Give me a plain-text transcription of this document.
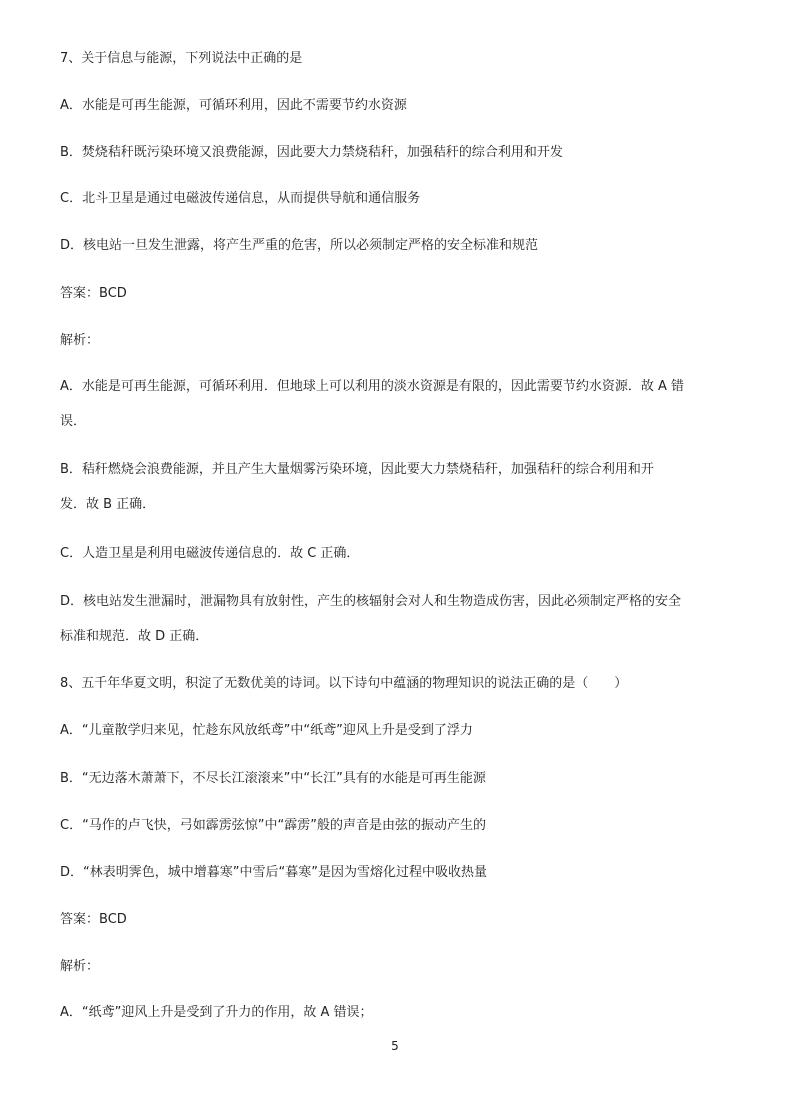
7、关于信息与能源，下列说法中正确的是
A．水能是可再生能源，可循环利用，因此不需要节约水资源
B．焚烧秸秆既污染环境又浪费能源，因此要大力禁烧秸秆，加强秸秆的综合利用和开发
C．北斗卫星是通过电磁波传递信息，从而提供导航和通信服务
D．核电站一旦发生泄露，将产生严重的危害，所以必须制定严格的安全标准和规范
答案：BCD
解析：
A．水能是可再生能源，可循环利用．但地球上可以利用的淡水资源是有限的，因此需要节约水资源．故 A 错
误．
B．秸秆燃烧会浪费能源，并且产生大量烟雾污染环境，因此要大力禁烧秸秆，加强秸秆的综合利用和开
发．故 B 正确．
C．人造卫星是利用电磁波传递信息的．故 C 正确．
D．核电站发生泄漏时，泄漏物具有放射性，产生的核辐射会对人和生物造成伤害，因此必须制定严格的安全
标准和规范．故 D 正确．
8、五千年华夏文明，积淀了无数优美的诗词。以下诗句中蕴涵的物理知识的说法正确的是（　　）
A．“儿童散学归来见，忙趁东风放纸鸢”中“纸鸢”迎风上升是受到了浮力
B．“无边落木萧萧下，不尽长江滚滚来”中“长江”具有的水能是可再生能源
C．“马作的卢飞快，弓如霹雳弦惊”中“霹雳”般的声音是由弦的振动产生的
D．“林表明霁色，城中增暮寒”中雪后“暮寒”是因为雪熔化过程中吸收热量
答案：BCD
解析：
A．“纸鸢”迎风上升是受到了升力的作用，故 A 错误；
5
